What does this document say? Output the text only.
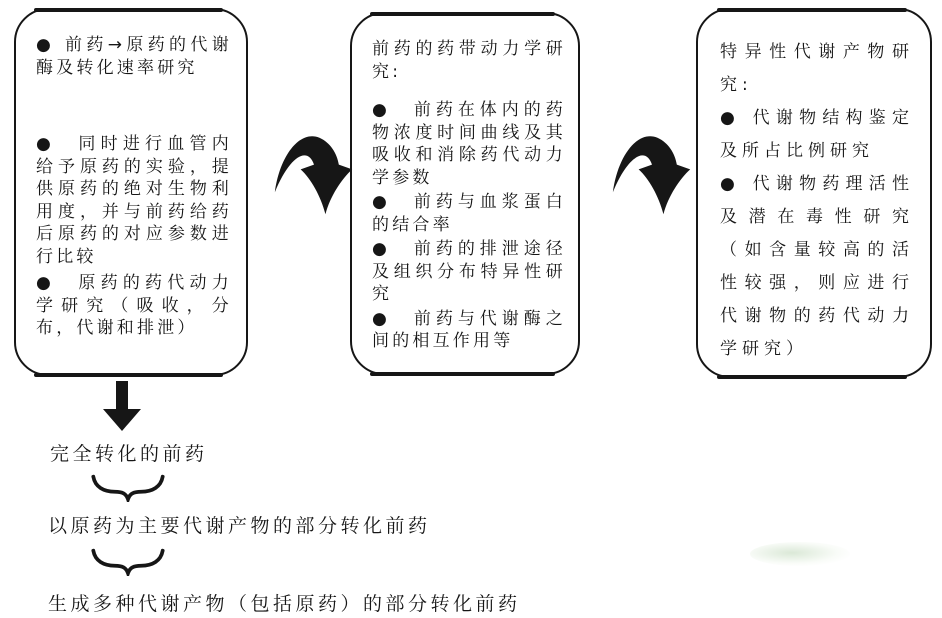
● 前药→原药的代谢酶及转化速率研究

●　同时进行血管内给予原药的实验，提供原药的绝对生物利用度，并与前药给药后原药的对应参数进行比较

●　原药的药代动力学研究（吸收，分布，代谢和排泄）

前药的药带动力学研究:

●　前药在体内的药物浓度时间曲线及其吸收和消除药代动力学参数

●　前药与血浆蛋白的结合率

●　前药的排泄途径及组织分布特异性研究

●　前药与代谢酶之间的相互作用等

特异性代谢产物研究:

● 代谢物结构鉴定及所占比例研究

● 代谢物药理活性及潜在毒性研究（如含量较高的活性较强，则应进行代谢物的药代动力学研究）

完全转化的前药
以原药为主要代谢产物的部分转化前药
生成多种代谢产物（包括原药）的部分转化前药
